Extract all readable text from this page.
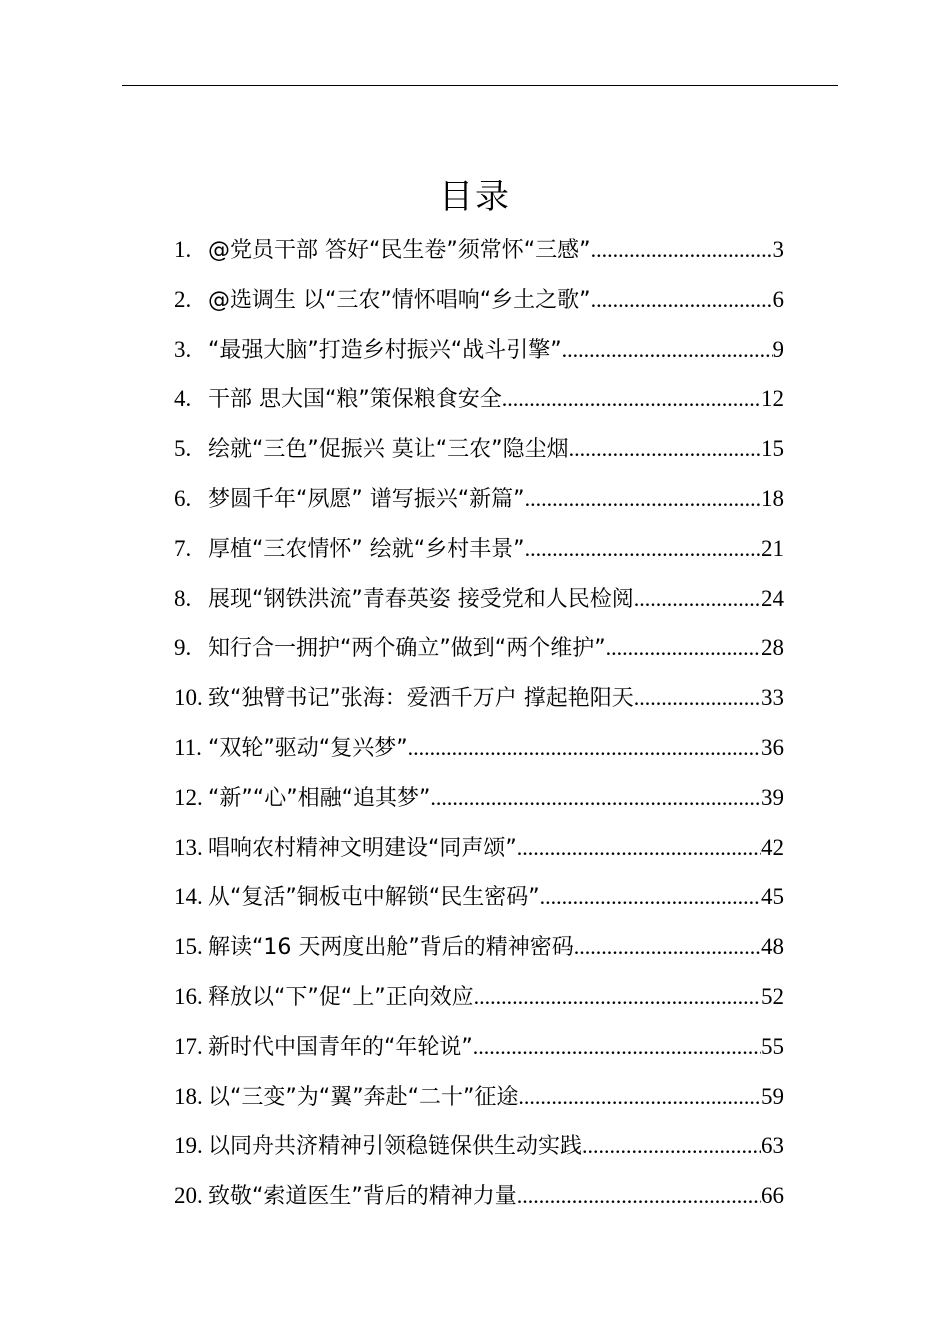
目录
1. @党员干部 答好“民生卷”须常怀“三感” .....	3
2. @选调生 以“三农”情怀唱响“乡土之歌” .....	6
3. “最强大脑”打造乡村振兴“战斗引擎” .....	9
4. 干部 思大国“粮”策保粮食安全 .....	12
5. 绘就“三色”促振兴 莫让“三农”隐尘烟 .....	15
6. 梦圆千年“夙愿” 谱写振兴“新篇” .....	18
7. 厚植“三农情怀” 绘就“乡村丰景” .....	21
8. 展现“钢铁洪流”青春英姿 接受党和人民检阅 .....	24
9. 知行合一拥护“两个确立”做到“两个维护” .....	28
10. 致“独臂书记”张海：爱洒千万户 撑起艳阳天 .....	33
11. “双轮”驱动“复兴梦” .....	36
12. “新”“心”相融“追其梦” .....	39
13. 唱响农村精神文明建设“同声颂” .....	42
14. 从“复活”铜板屯中解锁“民生密码” .....	45
15. 解读“16 天两度出舱”背后的精神密码 .....	48
16. 释放以“下”促“上”正向效应 .....	52
17. 新时代中国青年的“年轮说” .....	55
18. 以“三变”为“翼”奔赴“二十”征途 .....	59
19. 以同舟共济精神引领稳链保供生动实践 .....	63
20. 致敬“索道医生”背后的精神力量 .....	66
